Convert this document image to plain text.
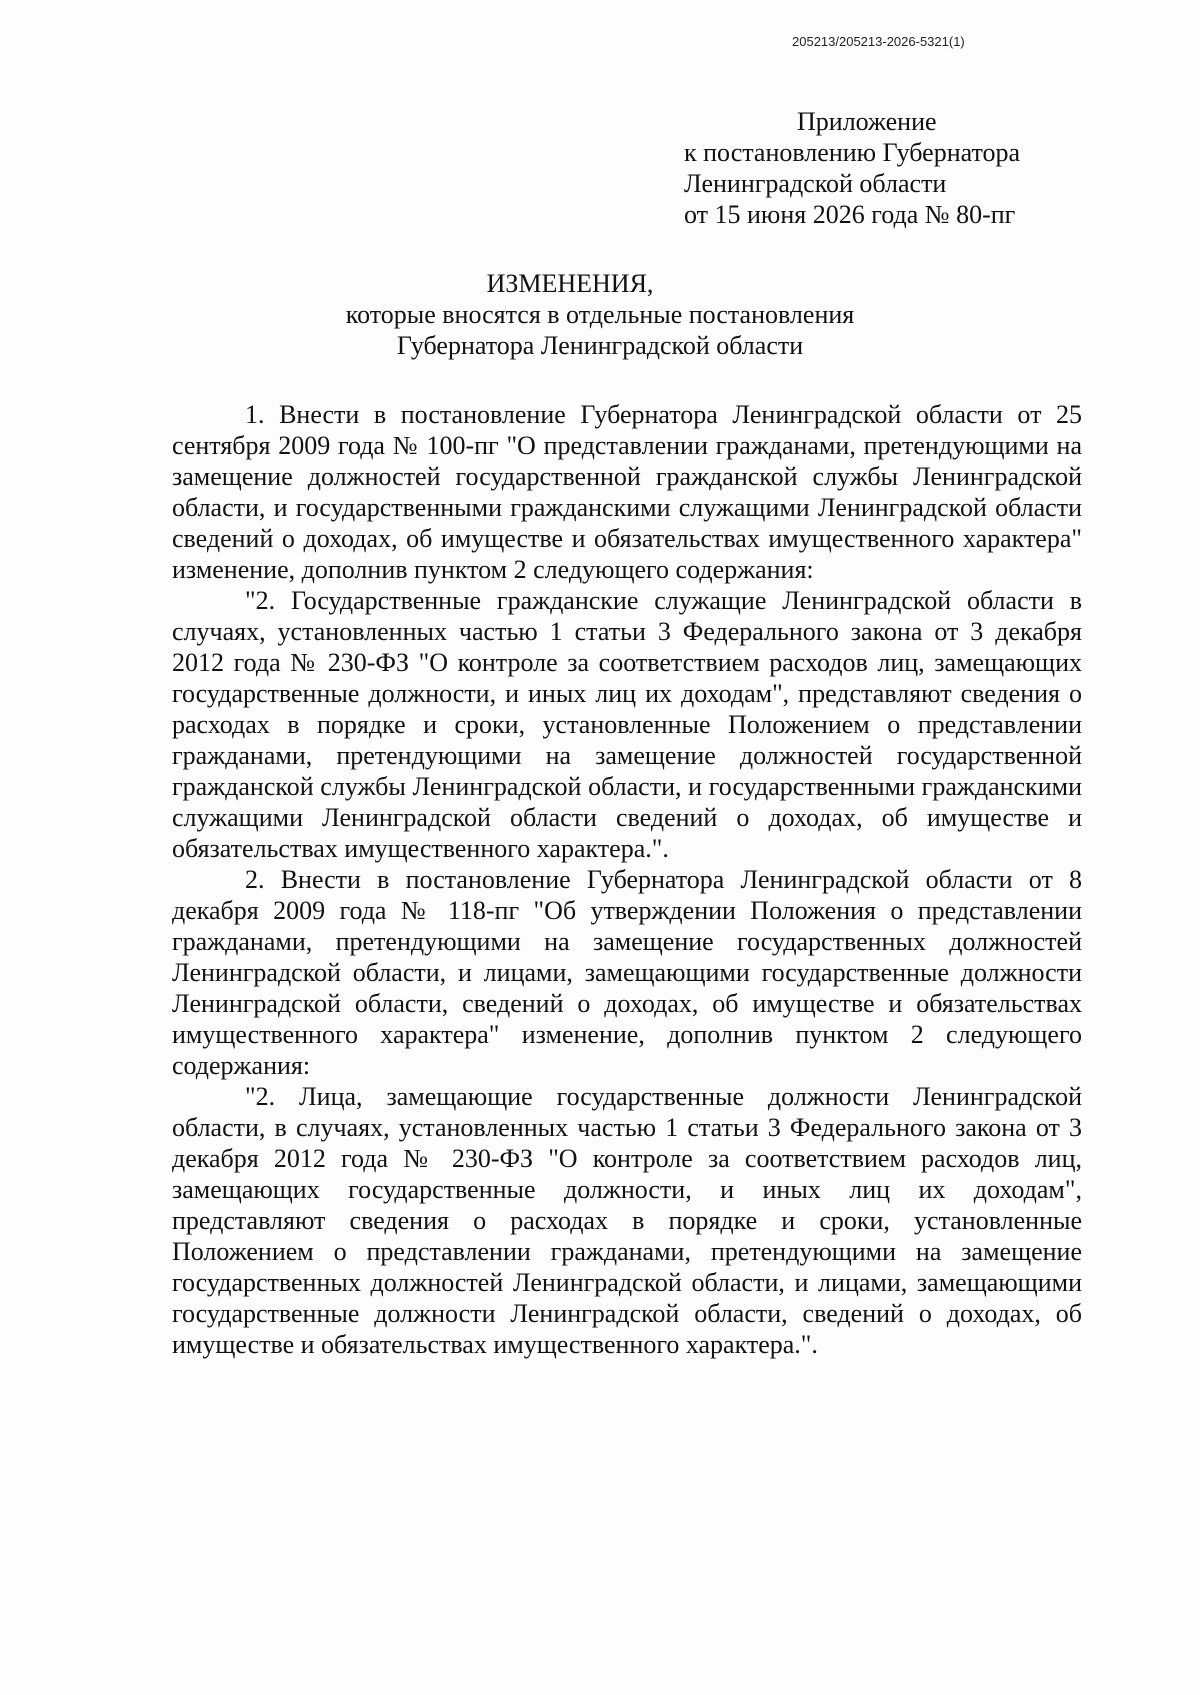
205213/205213-2026-5321(1)
Приложение
к постановлению Губернатора
Ленинградской области
от 15 июня 2026 года № 80-пг
ИЗМЕНЕНИЯ,
которые вносятся в отдельные постановления
Губернатора Ленинградской области

1. Внести в постановление Губернатора Ленинградской области от 25 сентября 2009 года № 100-пг "О представлении гражданами, претендующими на замещение должностей государственной гражданской службы Ленинградской области, и государственными гражданскими служащими Ленинградской области сведений о доходах, об имуществе и обязательствах имущественного характера" изменение, дополнив пунктом 2 следующего содержания:

"2. Государственные гражданские служащие Ленинградской области в случаях, установленных частью 1 статьи 3 Федерального закона от 3 декабря 2012 года № 230-ФЗ "О контроле за соответствием расходов лиц, замещающих государственные должности, и иных лиц их доходам", представляют сведения о расходах в порядке и сроки, установленные Положением о представлении гражданами, претендующими на замещение должностей государственной гражданской службы Ленинградской области, и государственными гражданскими служащими Ленинградской области сведений о доходах, об имуществе и обязательствах имущественного характера.".

2. Внести в постановление Губернатора Ленинградской области от 8 декабря 2009 года № 118-пг "Об утверждении Положения о представлении гражданами, претендующими на замещение государственных должностей Ленинградской области, и лицами, замещающими государственные должности Ленинградской области, сведений о доходах, об имуществе и обязательствах имущественного характера" изменение, дополнив пунктом 2 следующего содержания:

"2. Лица, замещающие государственные должности Ленинградской области, в случаях, установленных частью 1 статьи 3 Федерального закона от 3 декабря 2012 года № 230-ФЗ "О контроле за соответствием расходов лиц, замещающих государственные должности, и иных лиц их доходам", представляют сведения о расходах в порядке и сроки, установленные Положением о представлении гражданами, претендующими на замещение государственных должностей Ленинградской области, и лицами, замещающими государственные должности Ленинградской области, сведений о доходах, об имуществе и обязательствах имущественного характера.".
